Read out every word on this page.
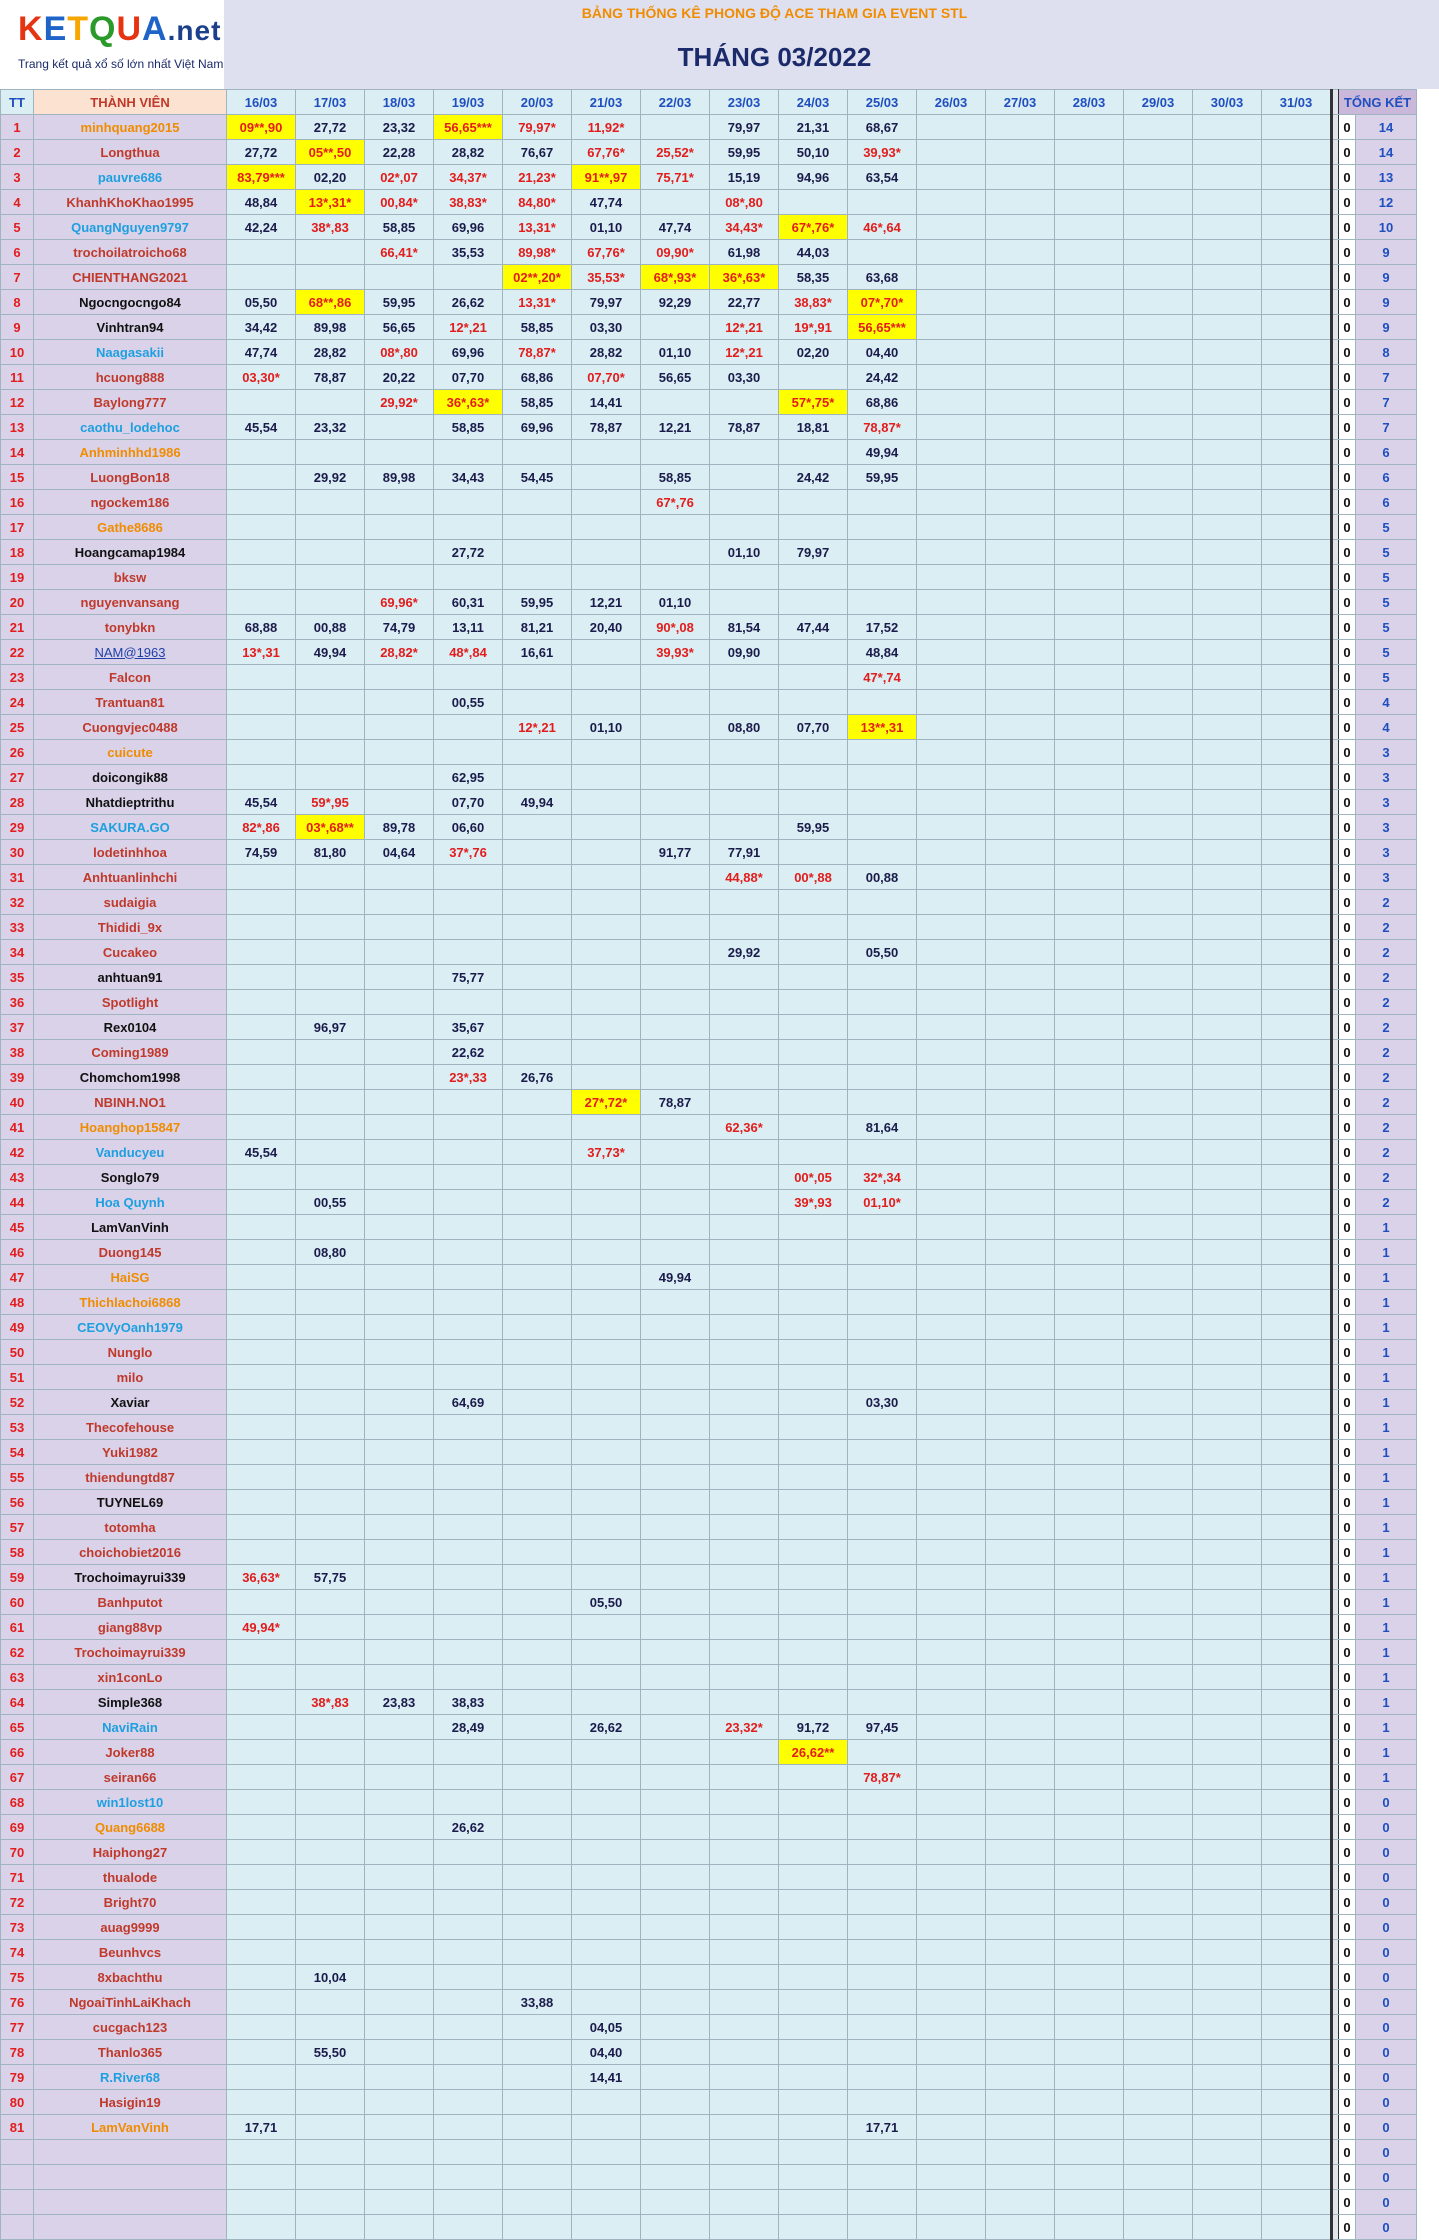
KETQUA.net
Trang kết quả xổ số lớn nhất Việt Nam
BẢNG THỐNG KÊ PHONG ĐỘ ACE THAM GIA EVENT STL
THÁNG 03/2022
TT	THÀNH VIÊN	16/03	17/03	18/03	19/03	20/03	21/03	22/03	23/03	24/03	25/03	26/03	27/03	28/03	29/03	30/03	31/03		TỔNG KẾT	
1	minhquang2015	09**,90	27,72	23,32	56,65***	79,97*	11,92*		79,97	21,31	68,67								0	14
2	Longthua	27,72	05**,50	22,28	28,82	76,67	67,76*	25,52*	59,95	50,10	39,93*								0	14
3	pauvre686	83,79***	02,20	02*,07	34,37*	21,23*	91**,97	75,71*	15,19	94,96	63,54								0	13
4	KhanhKhoKhao1995	48,84	13*,31*	00,84*	38,83*	84,80*	47,74		08*,80										0	12
5	QuangNguyen9797	42,24	38*,83	58,85	69,96	13,31*	01,10	47,74	34,43*	67*,76*	46*,64								0	10
6	trochoilatroicho68			66,41*	35,53	89,98*	67,76*	09,90*	61,98	44,03									0	9
7	CHIENTHANG2021					02**,20*	35,53*	68*,93*	36*,63*	58,35	63,68								0	9
8	Ngocngocngo84	05,50	68**,86	59,95	26,62	13,31*	79,97	92,29	22,77	38,83*	07*,70*								0	9
9	Vinhtran94	34,42	89,98	56,65	12*,21	58,85	03,30		12*,21	19*,91	56,65***								0	9
10	Naagasakii	47,74	28,82	08*,80	69,96	78,87*	28,82	01,10	12*,21	02,20	04,40								0	8
11	hcuong888	03,30*	78,87	20,22	07,70	68,86	07,70*	56,65	03,30		24,42								0	7
12	Baylong777			29,92*	36*,63*	58,85	14,41			57*,75*	68,86								0	7
13	caothu_lodehoc	45,54	23,32		58,85	69,96	78,87	12,21	78,87	18,81	78,87*								0	7
14	Anhminhhd1986										49,94								0	6
15	LuongBon18		29,92	89,98	34,43	54,45		58,85		24,42	59,95								0	6
16	ngockem186							67*,76											0	6
17	Gathe8686																		0	5
18	Hoangcamap1984				27,72				01,10	79,97									0	5
19	bksw																		0	5
20	nguyenvansang			69,96*	60,31	59,95	12,21	01,10											0	5
21	tonybkn	68,88	00,88	74,79	13,11	81,21	20,40	90*,08	81,54	47,44	17,52								0	5
22	NAM@1963	13*,31	49,94	28,82*	48*,84	16,61		39,93*	09,90		48,84								0	5
23	Falcon										47*,74								0	5
24	Trantuan81				00,55														0	4
25	Cuongvjec0488					12*,21	01,10		08,80	07,70	13**,31								0	4
26	cuicute																		0	3
27	doicongik88				62,95														0	3
28	Nhatdieptrithu	45,54	59*,95		07,70	49,94													0	3
29	SAKURA.GO	82*,86	03*,68**	89,78	06,60					59,95									0	3
30	lodetinhhoa	74,59	81,80	04,64	37*,76			91,77	77,91										0	3
31	Anhtuanlinhchi								44,88*	00*,88	00,88								0	3
32	sudaigia																		0	2
33	Thididi_9x																		0	2
34	Cucakeo								29,92		05,50								0	2
35	anhtuan91				75,77														0	2
36	Spotlight																		0	2
37	Rex0104		96,97		35,67														0	2
38	Coming1989				22,62														0	2
39	Chomchom1998				23*,33	26,76													0	2
40	NBINH.NO1						27*,72*	78,87											0	2
41	Hoanghop15847								62,36*		81,64								0	2
42	Vanducyeu	45,54					37,73*												0	2
43	Songlo79									00*,05	32*,34								0	2
44	Hoa Quynh		00,55							39*,93	01,10*								0	2
45	LamVanVinh																		0	1
46	Duong145		08,80																0	1
47	HaiSG							49,94											0	1
48	Thichlachoi6868																		0	1
49	CEOVyOanh1979																		0	1
50	Nunglo																		0	1
51	milo																		0	1
52	Xaviar				64,69						03,30								0	1
53	Thecofehouse																		0	1
54	Yuki1982																		0	1
55	thiendungtd87																		0	1
56	TUYNEL69																		0	1
57	totomha																		0	1
58	choichobiet2016																		0	1
59	Trochoimayrui339	36,63*	57,75																0	1
60	Banhputot						05,50												0	1
61	giang88vp	49,94*																	0	1
62	Trochoimayrui339																		0	1
63	xin1conLo																		0	1
64	Simple368		38*,83	23,83	38,83														0	1
65	NaviRain				28,49		26,62		23,32*	91,72	97,45								0	1
66	Joker88									26,62**									0	1
67	seiran66										78,87*								0	1
68	win1lost10																		0	0
69	Quang6688				26,62														0	0
70	Haiphong27																		0	0
71	thualode																		0	0
72	Bright70																		0	0
73	auag9999																		0	0
74	Beunhvcs																		0	0
75	8xbachthu		10,04																0	0
76	NgoaiTinhLaiKhach					33,88													0	0
77	cucgach123						04,05												0	0
78	Thanlo365		55,50				04,40												0	0
79	R.River68						14,41												0	0
80	Hasigin19																		0	0
81	LamVanVinh	17,71									17,71								0	0
																			0	0
																			0	0
																			0	0
																			0	0
